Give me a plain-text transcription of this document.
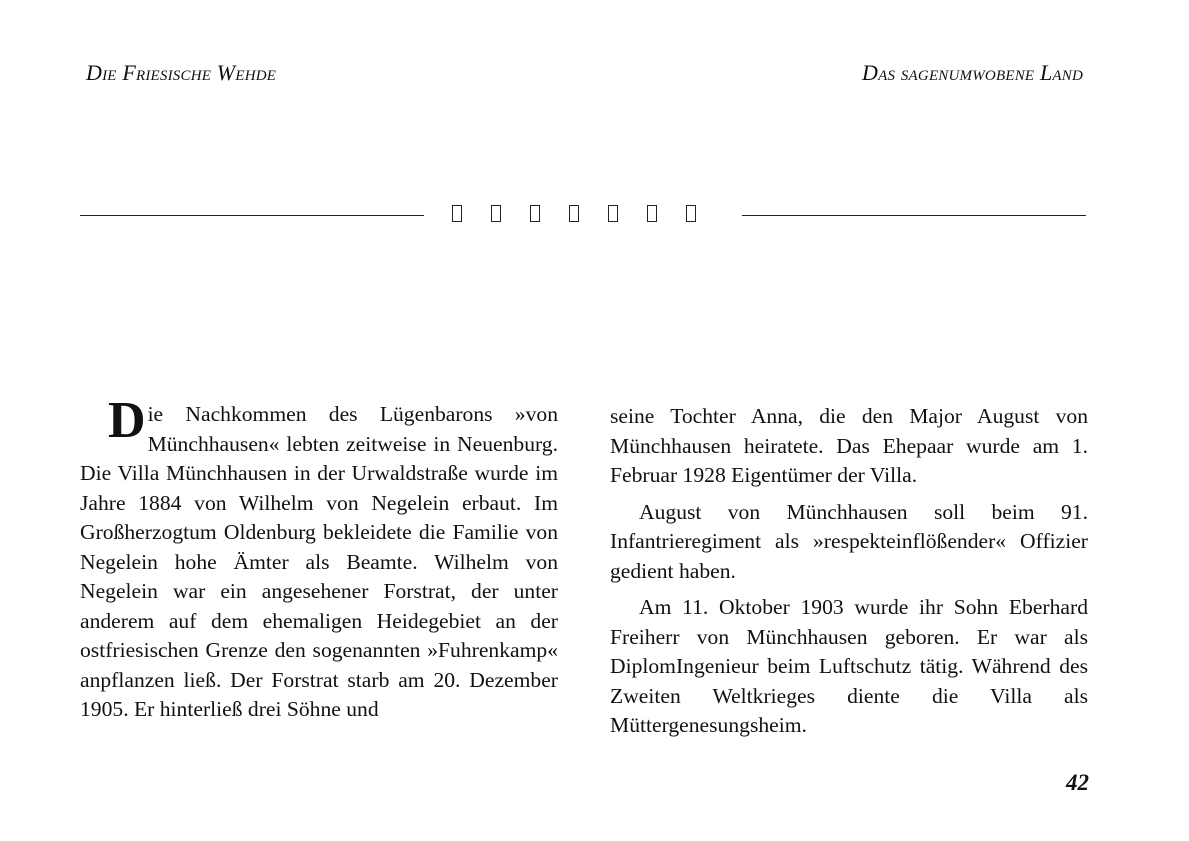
Die Friesische Wehde	Das sagenumwobene Land

Die Nachkommen des Lügenbarons »von Münchhausen« lebten zeitweise in Neuenburg. Die Villa Münchhausen in der Urwaldstraße wurde im Jahre 1884 von Wilhelm von Negelein erbaut. Im Großherzogtum Oldenburg bekleidete die Familie von Negelein hohe Ämter als Beamte. Wilhelm von Negelein war ein angesehener Forstrat, der unter anderem auf dem ehemaligen Heidegebiet an der ostfriesischen Grenze den sogenannten »Fuhrenkamp« anpflanzen ließ. Der Forstrat starb am 20. Dezember 1905. Er hinterließ drei Söhne und

seine Tochter Anna, die den Major August von Münchhausen heiratete. Das Ehepaar wurde am 1. Februar 1928 Eigentümer der Villa.

August von Münchhausen soll beim 91. Infantrieregiment als »respekteinflößender« Offizier gedient haben.

Am 11. Oktober 1903 wurde ihr Sohn Eberhard Freiherr von Münchhausen geboren. Er war als DiplomIngenieur beim Luftschutz tätig. Während des Zweiten Weltkrieges diente die Villa als Müttergenesungsheim.

42
